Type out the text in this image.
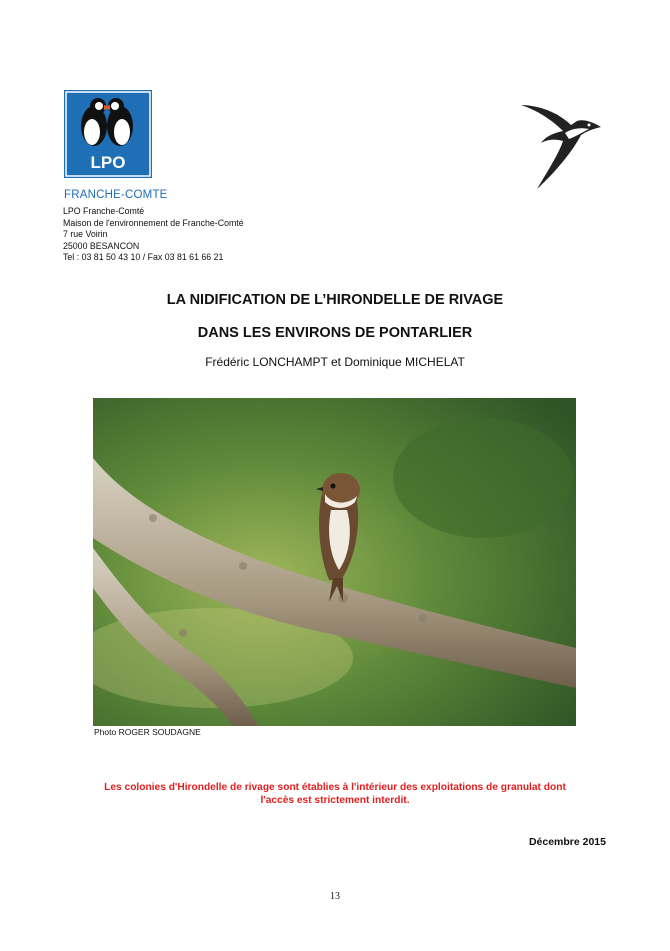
LPO
FRANCHE-COMTE
LPO Franche-Comté
Maison de l'environnement de Franche-Comté
7 rue Voirin
25000 BESANCON
Tel : 03 81 50 43 10 / Fax 03 81 61 66 21
LA NIDIFICATION DE L’HIRONDELLE DE RIVAGE
DANS LES ENVIRONS DE PONTARLIER
Frédéric LONCHAMPT et Dominique MICHELAT
Photo ROGER SOUDAGNE
Les colonies d'Hirondelle de rivage sont établies à l'intérieur des exploitations de granulat dont
l'accès est strictement interdit.
Décembre 2015
13
